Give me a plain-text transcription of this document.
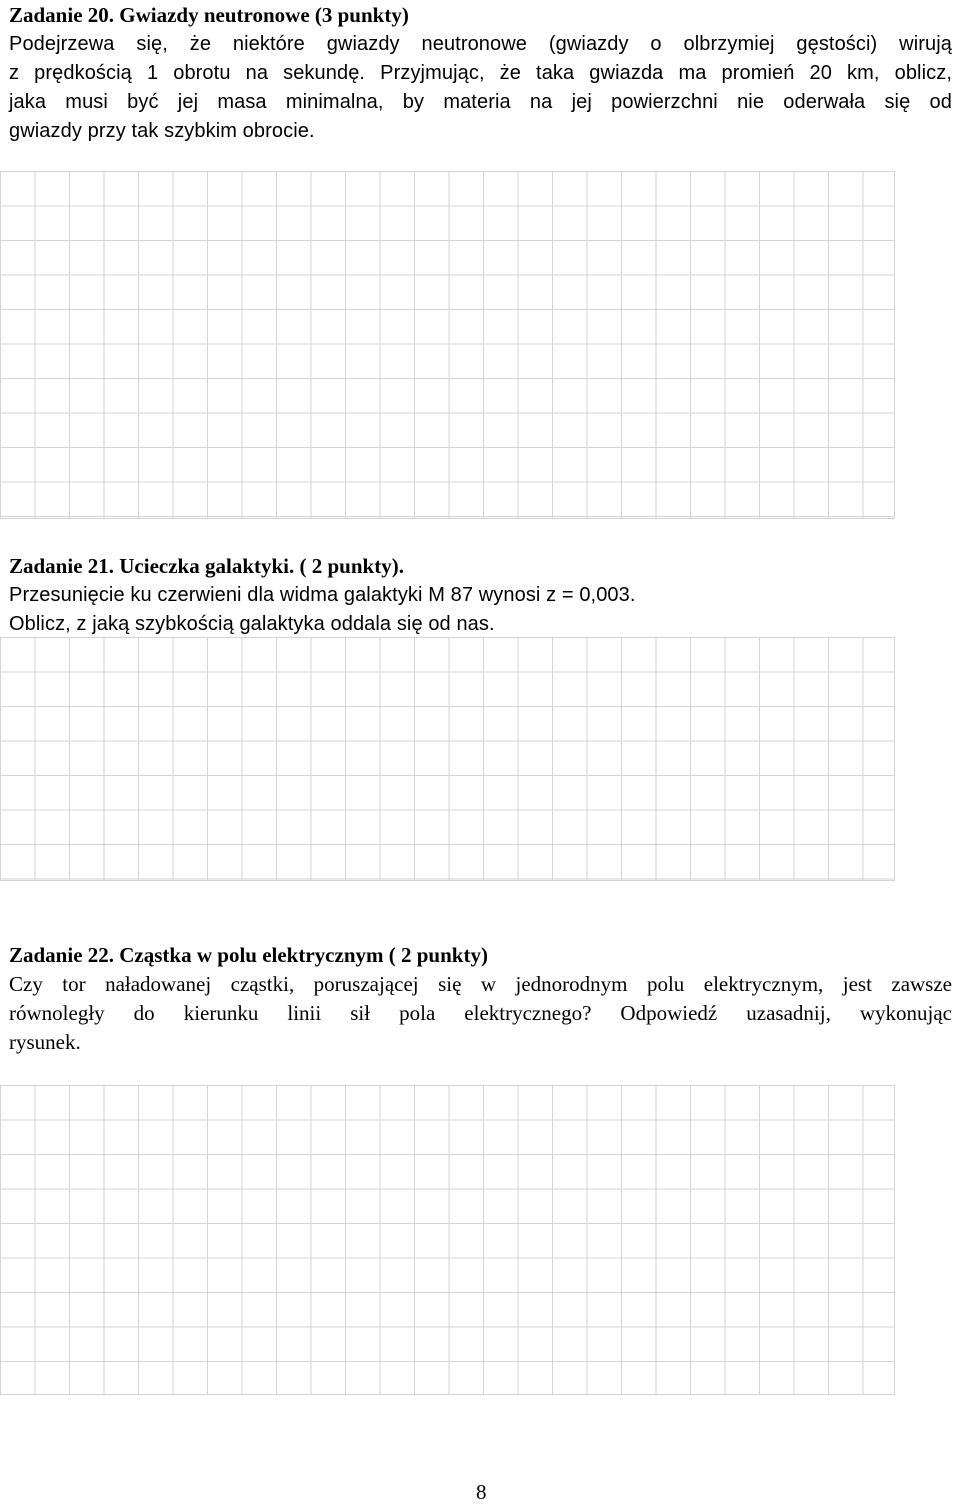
Zadanie 20. Gwiazdy neutronowe (3 punkty)
Podejrzewa się, że niektóre gwiazdy neutronowe (gwiazdy o olbrzymiej gęstości) wirują
z prędkością 1 obrotu na sekundę. Przyjmując, że taka gwiazda ma promień 20 km, oblicz,
jaka musi być jej masa minimalna, by materia na jej powierzchni nie oderwała się od
gwiazdy przy tak szybkim obrocie.
Zadanie 21. Ucieczka galaktyki. ( 2 punkty).
Przesunięcie ku czerwieni dla widma galaktyki M 87 wynosi z = 0,003.
Oblicz, z jaką szybkością galaktyka oddala się od nas.
Zadanie 22. Cząstka w polu elektrycznym ( 2 punkty)
Czy tor naładowanej cząstki, poruszającej się w jednorodnym polu elektrycznym, jest zawsze
równoległy do kierunku linii sił pola elektrycznego? Odpowiedź uzasadnij, wykonując
rysunek.
8
